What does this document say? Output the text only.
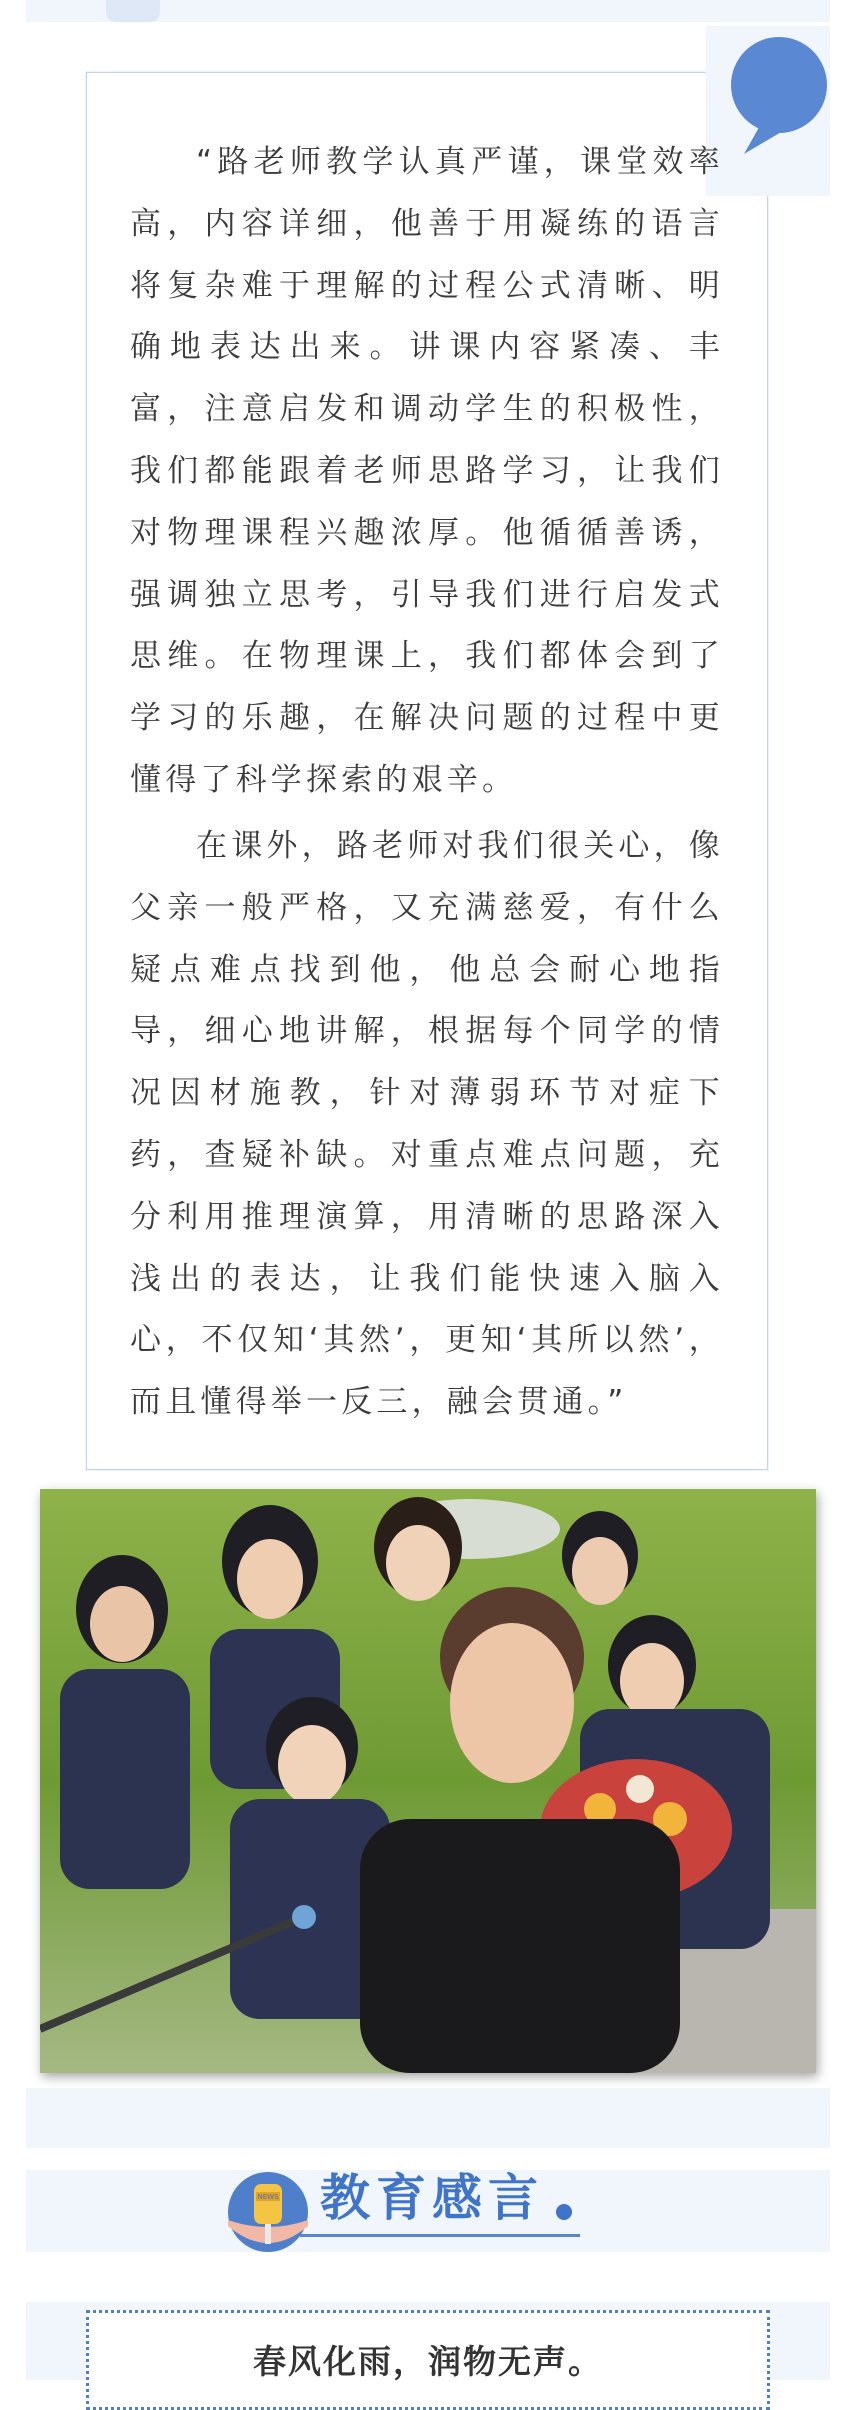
“路老师教学认真严谨，课堂效率高，内容详细，他善于用凝练的语言将复杂难于理解的过程公式清晰、明确地表达出来。讲课内容紧凑、丰富，注意启发和调动学生的积极性，我们都能跟着老师思路学习，让我们对物理课程兴趣浓厚。他循循善诱，强调独立思考，引导我们进行启发式思维。在物理课上，我们都体会到了学习的乐趣，在解决问题的过程中更懂得了科学探索的艰辛。

在课外，路老师对我们很关心，像父亲一般严格，又充满慈爱，有什么疑点难点找到他，他总会耐心地指导，细心地讲解，根据每个同学的情况因材施教，针对薄弱环节对症下药，查疑补缺。对重点难点问题，充分利用推理演算，用清晰的思路深入浅出的表达，让我们能快速入脑入心，不仅知‘其然’，更知‘其所以然’，而且懂得举一反三，融会贯通。”

NEWS 教育感言

春风化雨，润物无声。
